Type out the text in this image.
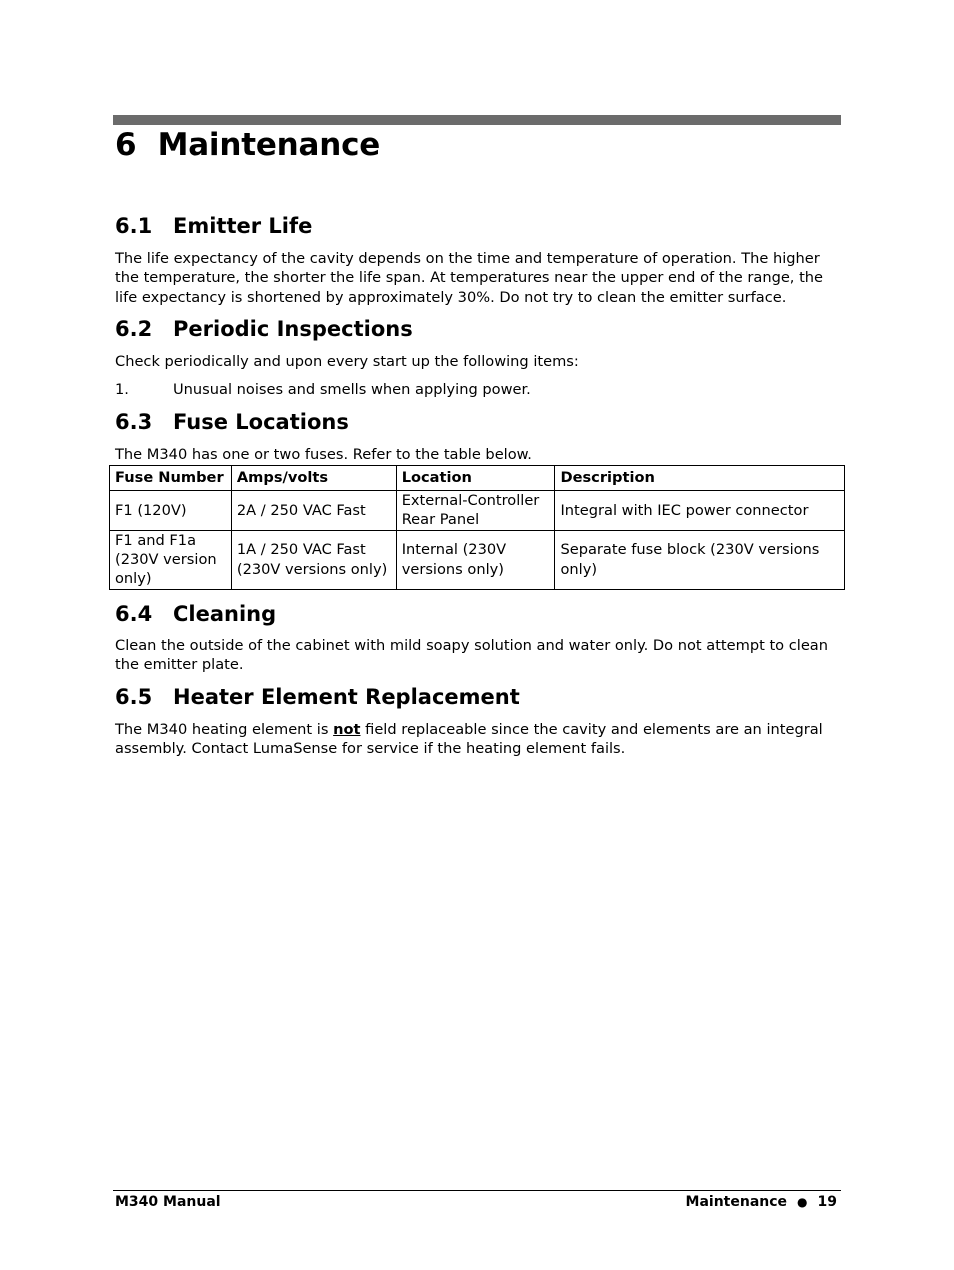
6 Maintenance
6.1 Emitter Life

The life expectancy of the cavity depends on the time and temperature of operation. The higher the temperature, the shorter the life span. At temperatures near the upper end of the range, the life expectancy is shortened by approximately 30%. Do not try to clean the emitter surface.

6.2 Periodic Inspections

Check periodically and upon every start up the following items:

1.	Unusual noises and smells when applying power.
6.3 Fuse Locations

The M340 has one or two fuses. Refer to the table below.

Fuse Number	Amps/volts	Location	Description
F1 (120V)	2A / 250 VAC Fast	External-Controller Rear Panel	Integral with IEC power connector
F1 and F1a (230V version only)	1A / 250 VAC Fast (230V versions only)	Internal (230V versions only)	Separate fuse block (230V versions only)
6.4 Cleaning

Clean the outside of the cabinet with mild soapy solution and water only. Do not attempt to clean the emitter plate.

6.5 Heater Element Replacement

The M340 heating element is not field replaceable since the cavity and elements are an integral assembly. Contact LumaSense for service if the heating element fails.

M340 Manual	Maintenance ● 19
